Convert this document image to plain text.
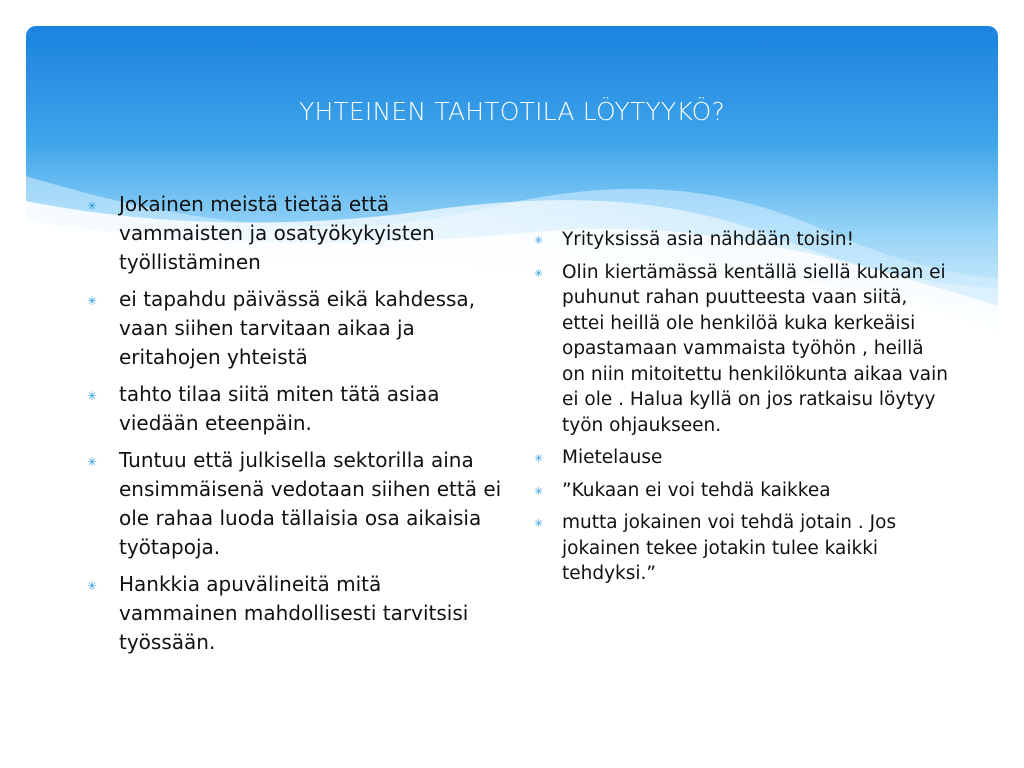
YHTEINEN TAHTOTILA LÖYTYYKÖ?
✳ Jokainen meistä tietää että vammaisten ja osatyökykyisten työllistäminen
✳ ei tapahdu päivässä eikä kahdessa, vaan siihen tarvitaan aikaa ja eritahojen yhteistä
✳ tahto tilaa siitä miten tätä asiaa viedään eteenpäin.
✳ Tuntuu että julkisella sektorilla aina ensimmäisenä vedotaan siihen että ei ole rahaa luoda tällaisia osa aikaisia työtapoja.
✳ Hankkia apuvälineitä mitä vammainen mahdollisesti tarvitsisi työssään.
✳ Yrityksissä asia nähdään toisin!
✳ Olin kiertämässä kentällä siellä kukaan ei puhunut rahan puutteesta vaan siitä, ettei heillä ole henkilöä kuka kerkeäisi opastamaan vammaista työhön , heillä on niin mitoitettu henkilökunta aikaa vain ei ole . Halua kyllä on jos ratkaisu löytyy työn ohjaukseen.
✳ Mietelause
✳ ”Kukaan ei voi tehdä kaikkea
✳ mutta jokainen voi tehdä jotain . Jos jokainen tekee jotakin tulee kaikki tehdyksi.”
